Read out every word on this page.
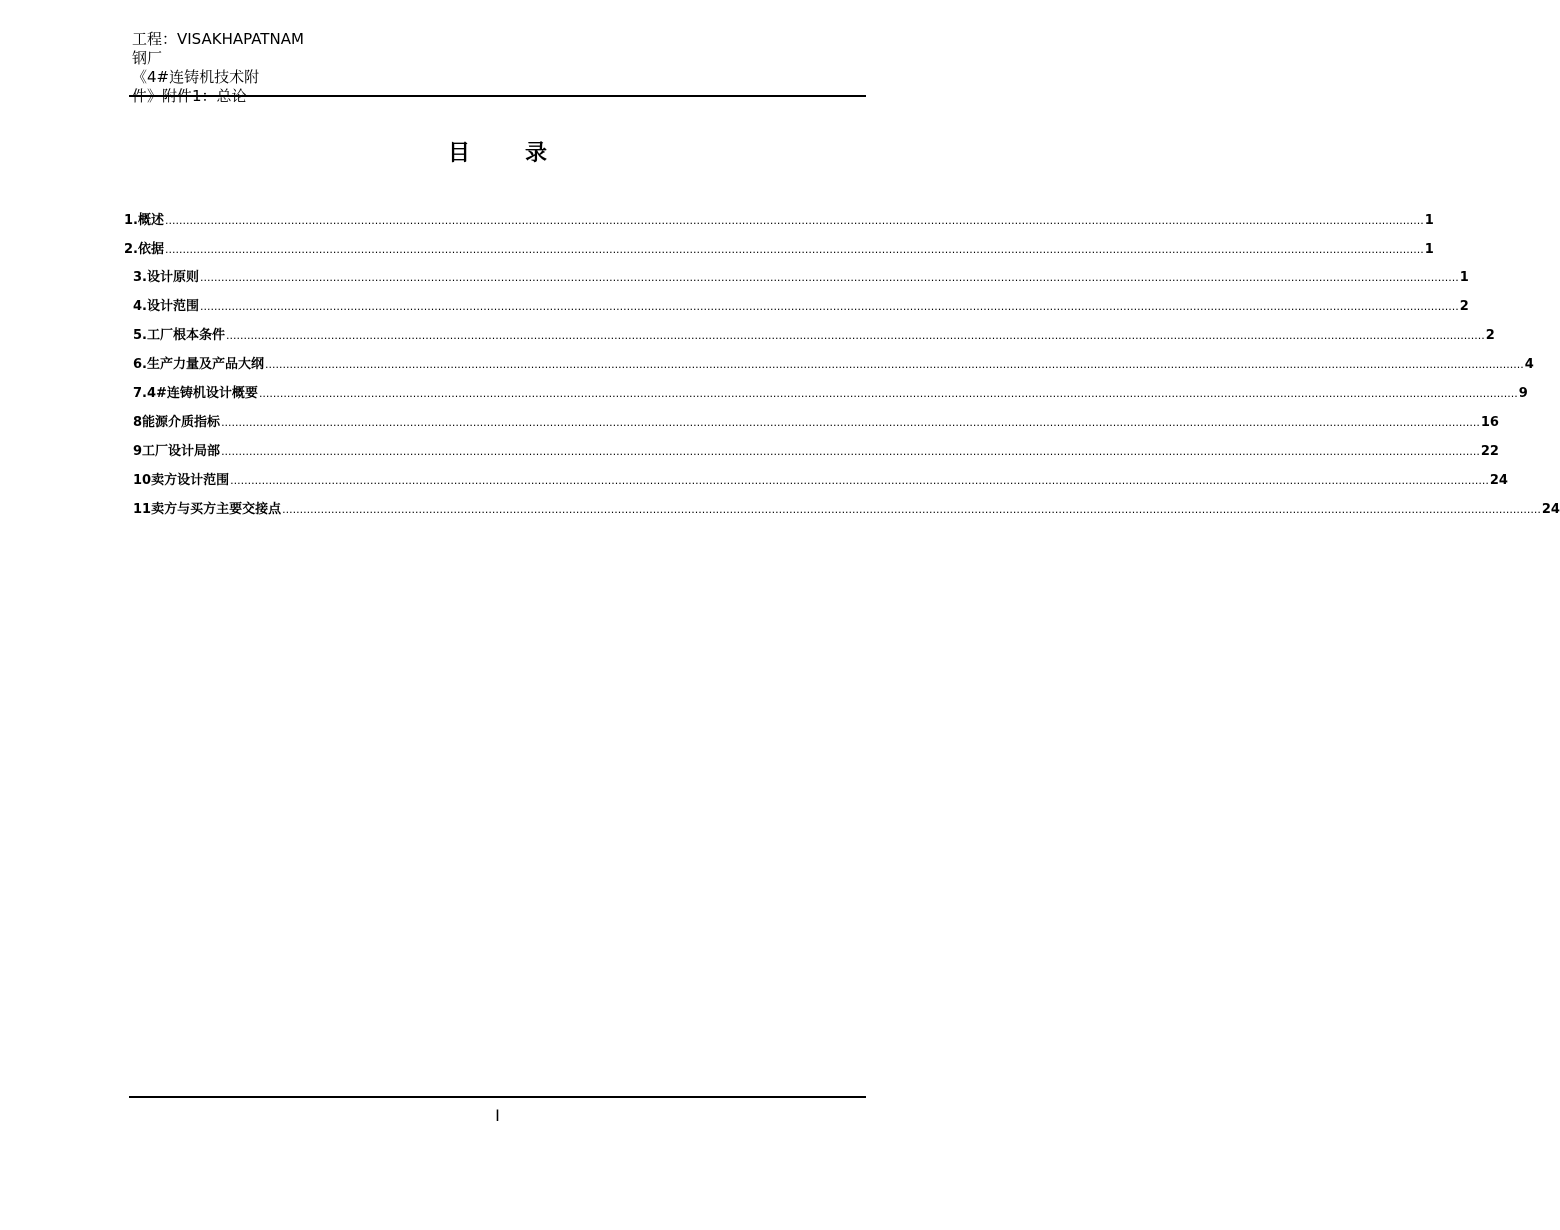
工程：VISAKHAPATNAM
钢厂
《4#连铸机技术附
件》附件1：总论
目	录
1. 概述 .....	1
2. 依据 .....	1
3. 设计原则 .....	1
4. 设计范围 .....	2
5. 工厂根本条件 .....	2
6. 生产力量及产品大纲 .....	4
7. 4#连铸机设计概要 .....	9
8 能源介质指标 .....	16
9 工厂设计局部 .....	22
10 卖方设计范围 .....	24
11 卖方与买方主要交接点 .....	24
I
